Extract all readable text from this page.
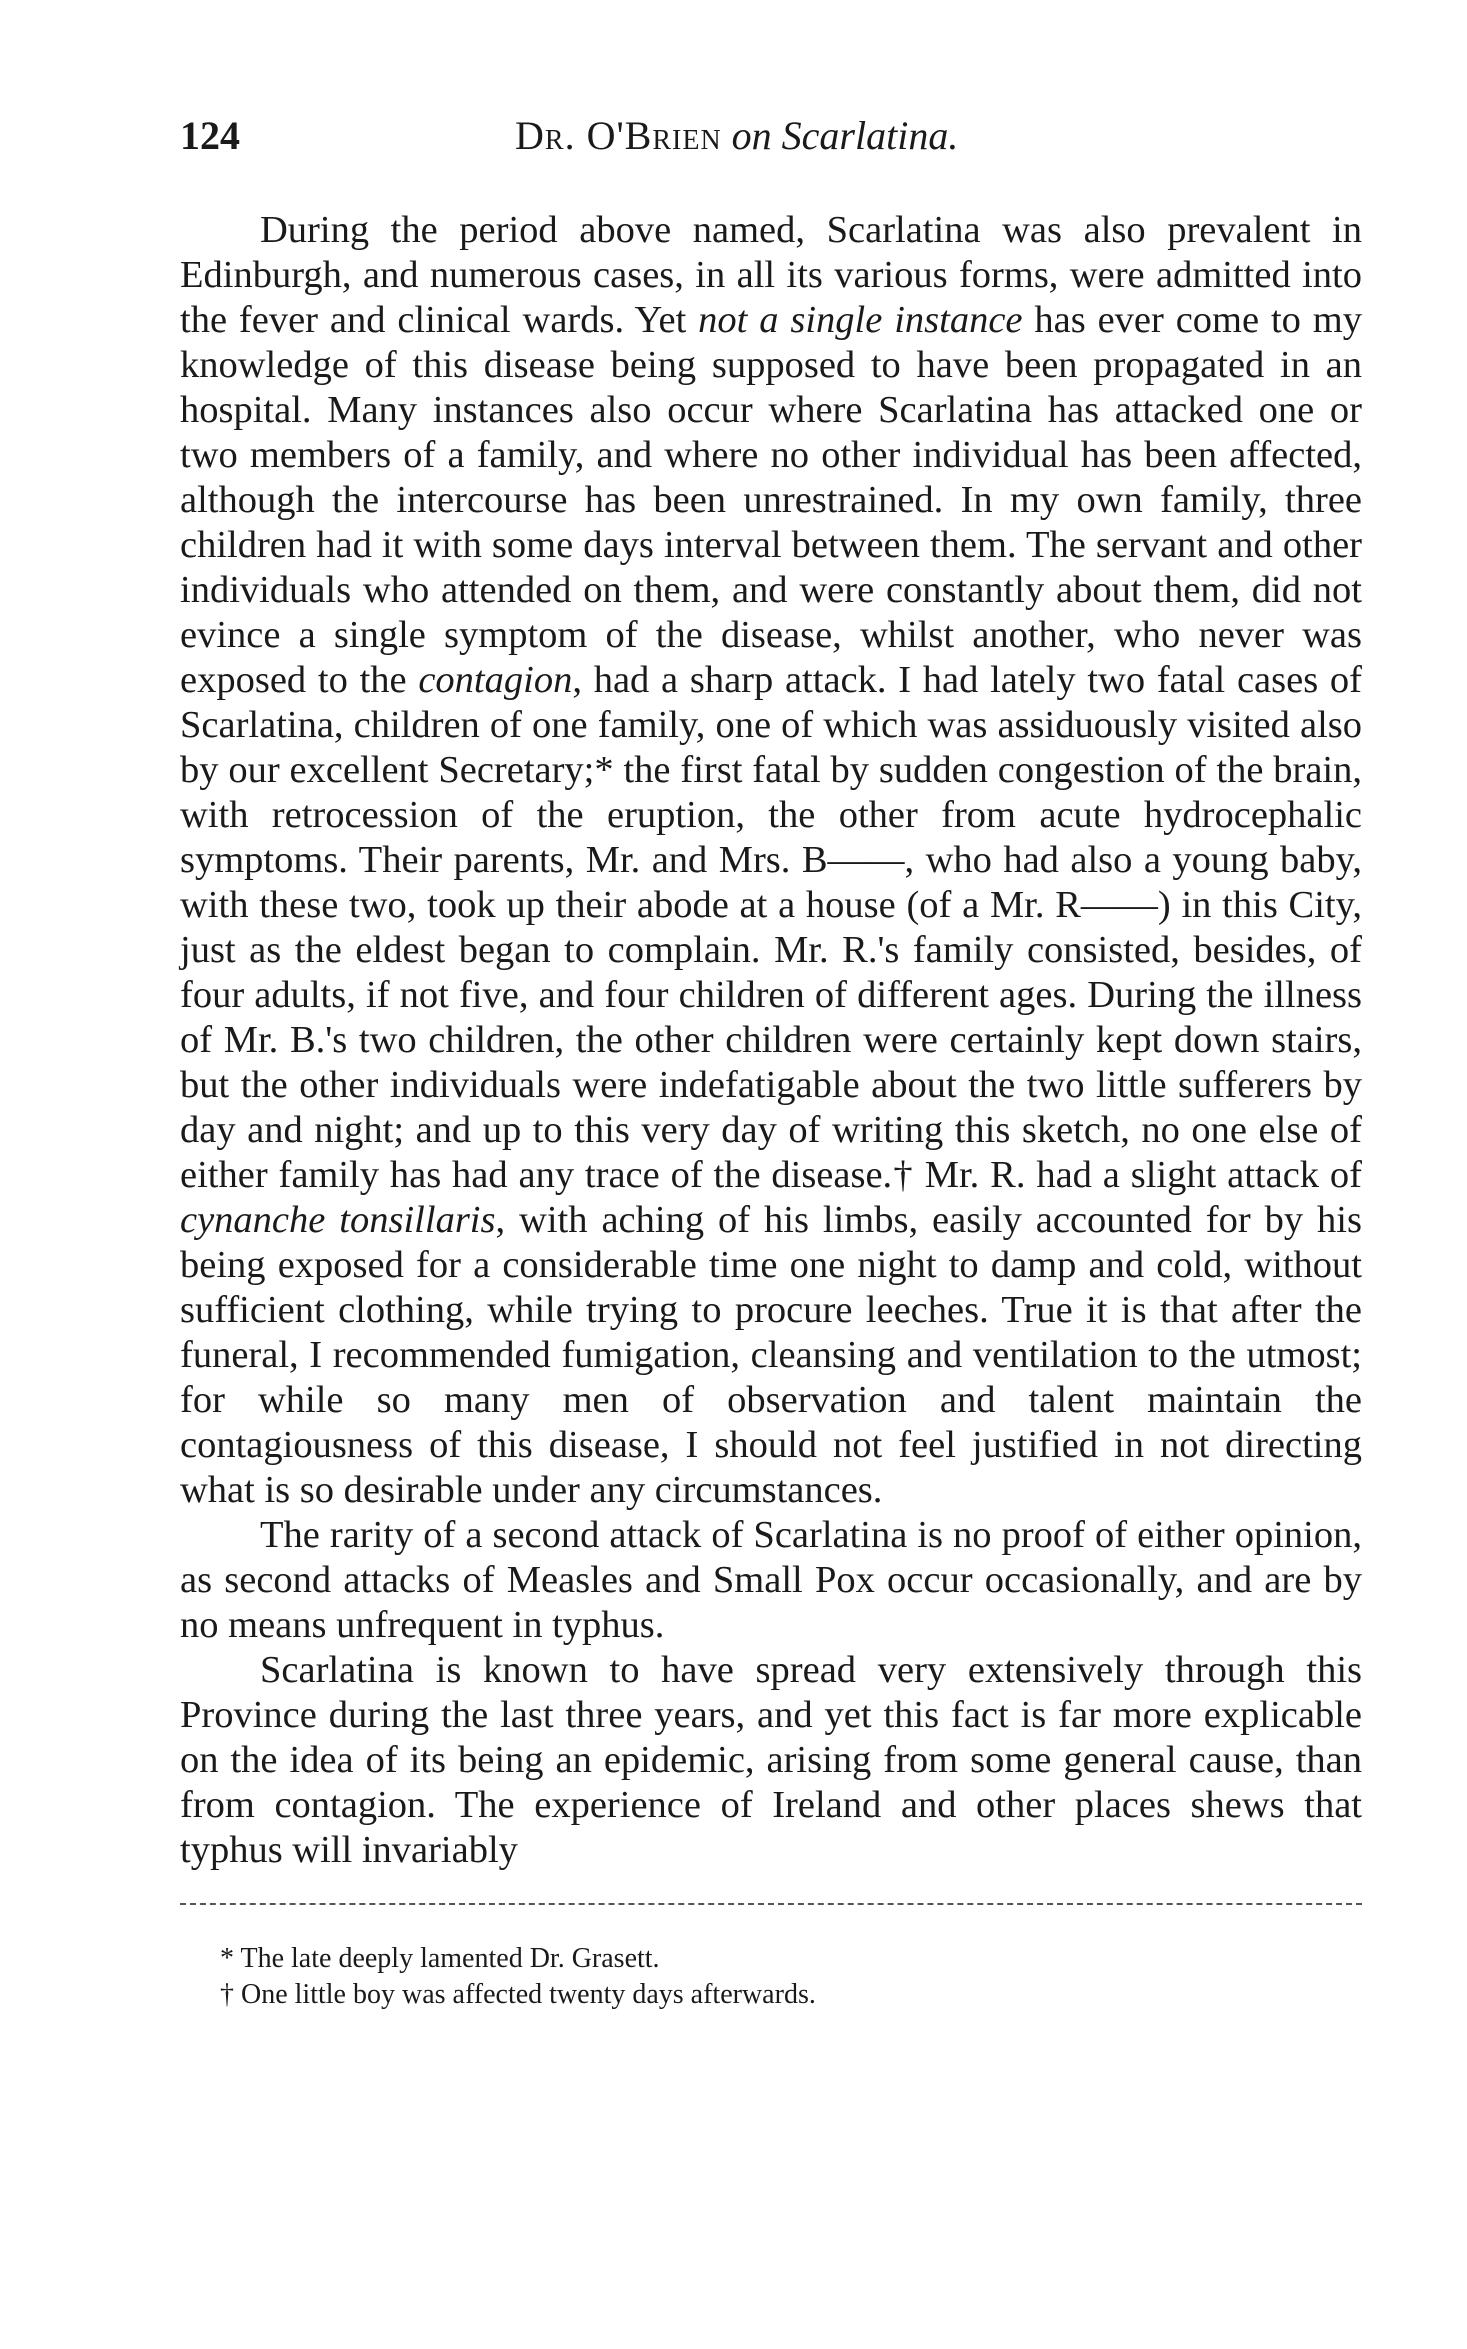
124	Dr. O'Brien on Scarlatina.

During the period above named, Scarlatina was also prevalent in Edinburgh, and numerous cases, in all its various forms, were admitted into the fever and clinical wards. Yet not a single instance has ever come to my knowledge of this disease being supposed to have been propagated in an hospital. Many instances also occur where Scarlatina has attacked one or two members of a family, and where no other individual has been affected, although the intercourse has been unrestrained. In my own family, three children had it with some days interval between them. The servant and other individuals who attended on them, and were constantly about them, did not evince a single symptom of the disease, whilst another, who never was exposed to the contagion, had a sharp attack. I had lately two fatal cases of Scarlatina, children of one family, one of which was assiduously visited also by our excellent Secretary;* the first fatal by sudden congestion of the brain, with retrocession of the eruption, the other from acute hydrocephalic symptoms. Their parents, Mr. and Mrs. B——, who had also a young baby, with these two, took up their abode at a house (of a Mr. R——) in this City, just as the eldest began to complain. Mr. R.'s family consisted, besides, of four adults, if not five, and four children of different ages. During the illness of Mr. B.'s two children, the other children were certainly kept down stairs, but the other individuals were indefatigable about the two little sufferers by day and night; and up to this very day of writing this sketch, no one else of either family has had any trace of the disease.† Mr. R. had a slight attack of cynanche tonsillaris, with aching of his limbs, easily accounted for by his being exposed for a considerable time one night to damp and cold, without sufficient clothing, while trying to procure leeches. True it is that after the funeral, I recommended fumigation, cleansing and ventilation to the utmost; for while so many men of observation and talent maintain the contagiousness of this disease, I should not feel justified in not directing what is so desirable under any circumstances.

The rarity of a second attack of Scarlatina is no proof of either opinion, as second attacks of Measles and Small Pox occur occasionally, and are by no means unfrequent in typhus.

Scarlatina is known to have spread very extensively through this Province during the last three years, and yet this fact is far more explicable on the idea of its being an epidemic, arising from some general cause, than from contagion. The experience of Ireland and other places shews that typhus will invariably

* The late deeply lamented Dr. Grasett.
† One little boy was affected twenty days afterwards.
